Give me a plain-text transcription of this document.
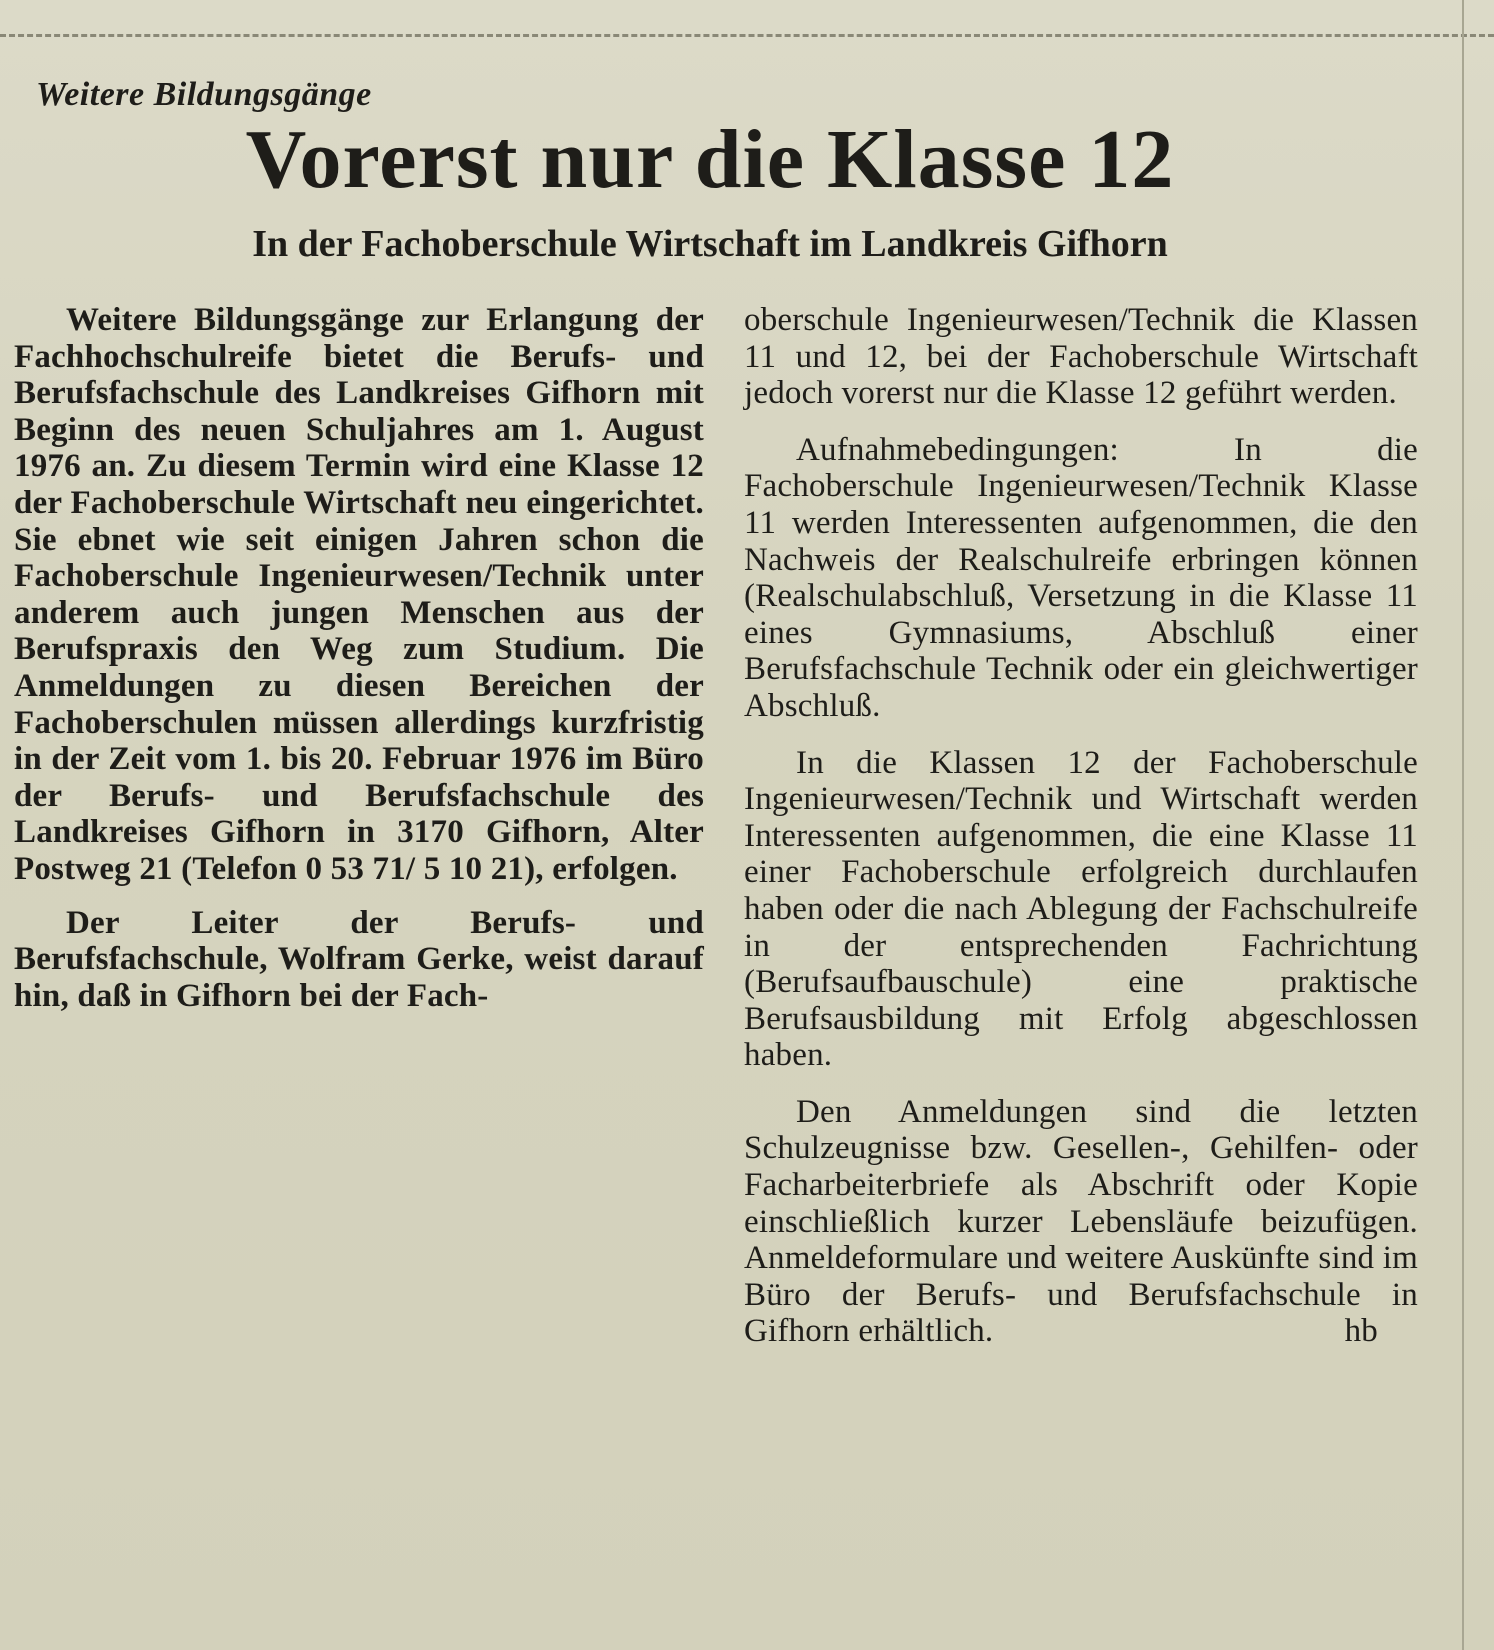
Weitere Bildungsgänge
Vorerst nur die Klasse 12
In der Fachoberschule Wirtschaft im Landkreis Gifhorn

Weitere Bildungsgänge zur Erlangung der Fachhochschulreife bietet die Berufs- und Berufsfachschule des Landkreises Gifhorn mit Beginn des neuen Schuljahres am 1. August 1976 an. Zu diesem Termin wird eine Klasse 12 der Fachoberschule Wirtschaft neu eingerichtet. Sie ebnet wie seit einigen Jahren schon die Fachoberschule Ingenieurwesen/Technik unter anderem auch jungen Menschen aus der Berufspraxis den Weg zum Studium. Die Anmeldungen zu diesen Bereichen der Fachoberschulen müssen allerdings kurzfristig in der Zeit vom 1. bis 20. Februar 1976 im Büro der Berufs- und Berufsfachschule des Landkreises Gifhorn in 3170 Gifhorn, Alter Postweg 21 (Telefon 0 53 71/ 5 10 21), erfolgen.

Der Leiter der Berufs- und Berufsfachschule, Wolfram Gerke, weist darauf hin, daß in Gifhorn bei der Fach-

oberschule Ingenieurwesen/Technik die Klassen 11 und 12, bei der Fachoberschule Wirtschaft jedoch vorerst nur die Klasse 12 geführt werden.

Aufnahmebedingungen: In die Fachoberschule Ingenieurwesen/Technik Klasse 11 werden Interessenten aufgenommen, die den Nachweis der Realschulreife erbringen können (Realschulabschluß, Versetzung in die Klasse 11 eines Gymnasiums, Abschluß einer Berufsfachschule Technik oder ein gleichwertiger Abschluß.

In die Klassen 12 der Fachoberschule Ingenieurwesen/Technik und Wirtschaft werden Interessenten aufgenommen, die eine Klasse 11 einer Fachoberschule erfolgreich durchlaufen haben oder die nach Ablegung der Fachschulreife in der entsprechenden Fachrichtung (Berufsaufbauschule) eine praktische Berufsausbildung mit Erfolg abgeschlossen haben.

Den Anmeldungen sind die letzten Schulzeugnisse bzw. Gesellen-, Gehilfen- oder Facharbeiterbriefe als Abschrift oder Kopie einschließlich kurzer Lebensläufe beizufügen. Anmeldeformulare und weitere Auskünfte sind im Büro der Berufs- und Berufsfachschule in Gifhorn erhältlich.	hb
